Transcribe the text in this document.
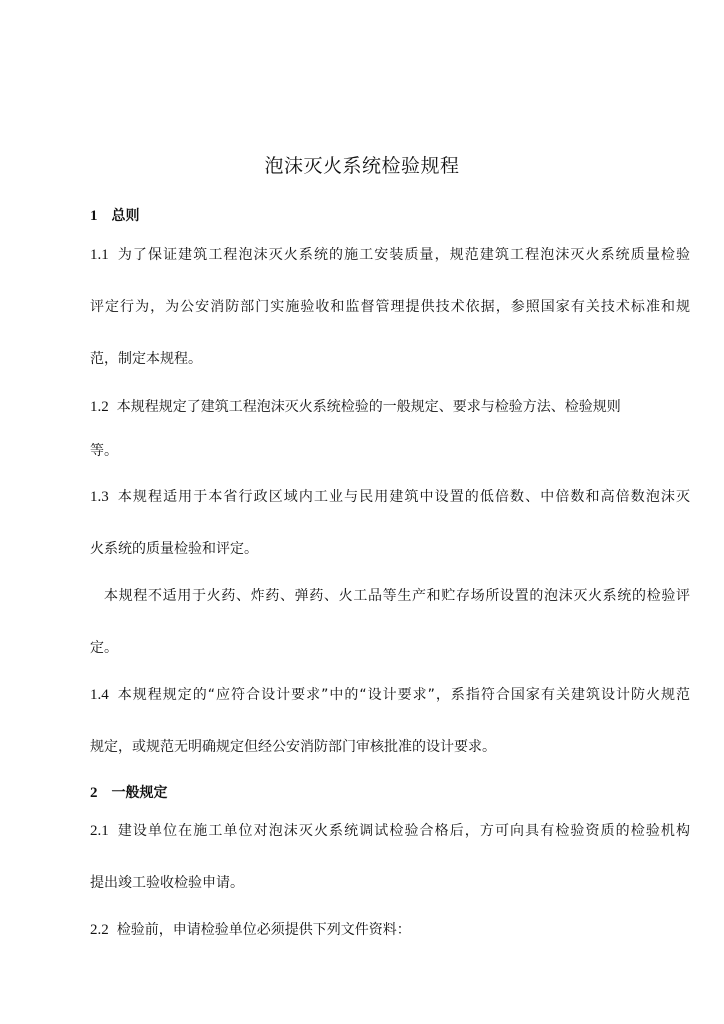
泡沫灭火系统检验规程
1 总则
1.1 为了保证建筑工程泡沫灭火系统的施工安装质量，规范建筑工程泡沫灭火系统质量检验
评定行为，为公安消防部门实施验收和监督管理提供技术依据，参照国家有关技术标准和规
范，制定本规程。
1.2 本规程规定了建筑工程泡沫灭火系统检验的一般规定、要求与检验方法、检验规则
等。
1.3 本规程适用于本省行政区域内工业与民用建筑中设置的低倍数、中倍数和高倍数泡沫灭
火系统的质量检验和评定。
本规程不适用于火药、炸药、弹药、火工品等生产和贮存场所设置的泡沫灭火系统的检验评
定。
1.4 本规程规定的“应符合设计要求”中的“设计要求”，系指符合国家有关建筑设计防火规范
规定，或规范无明确规定但经公安消防部门审核批准的设计要求。
2 一般规定
2.1 建设单位在施工单位对泡沫灭火系统调试检验合格后，方可向具有检验资质的检验机构
提出竣工验收检验申请。
2.2 检验前，申请检验单位必须提供下列文件资料：
